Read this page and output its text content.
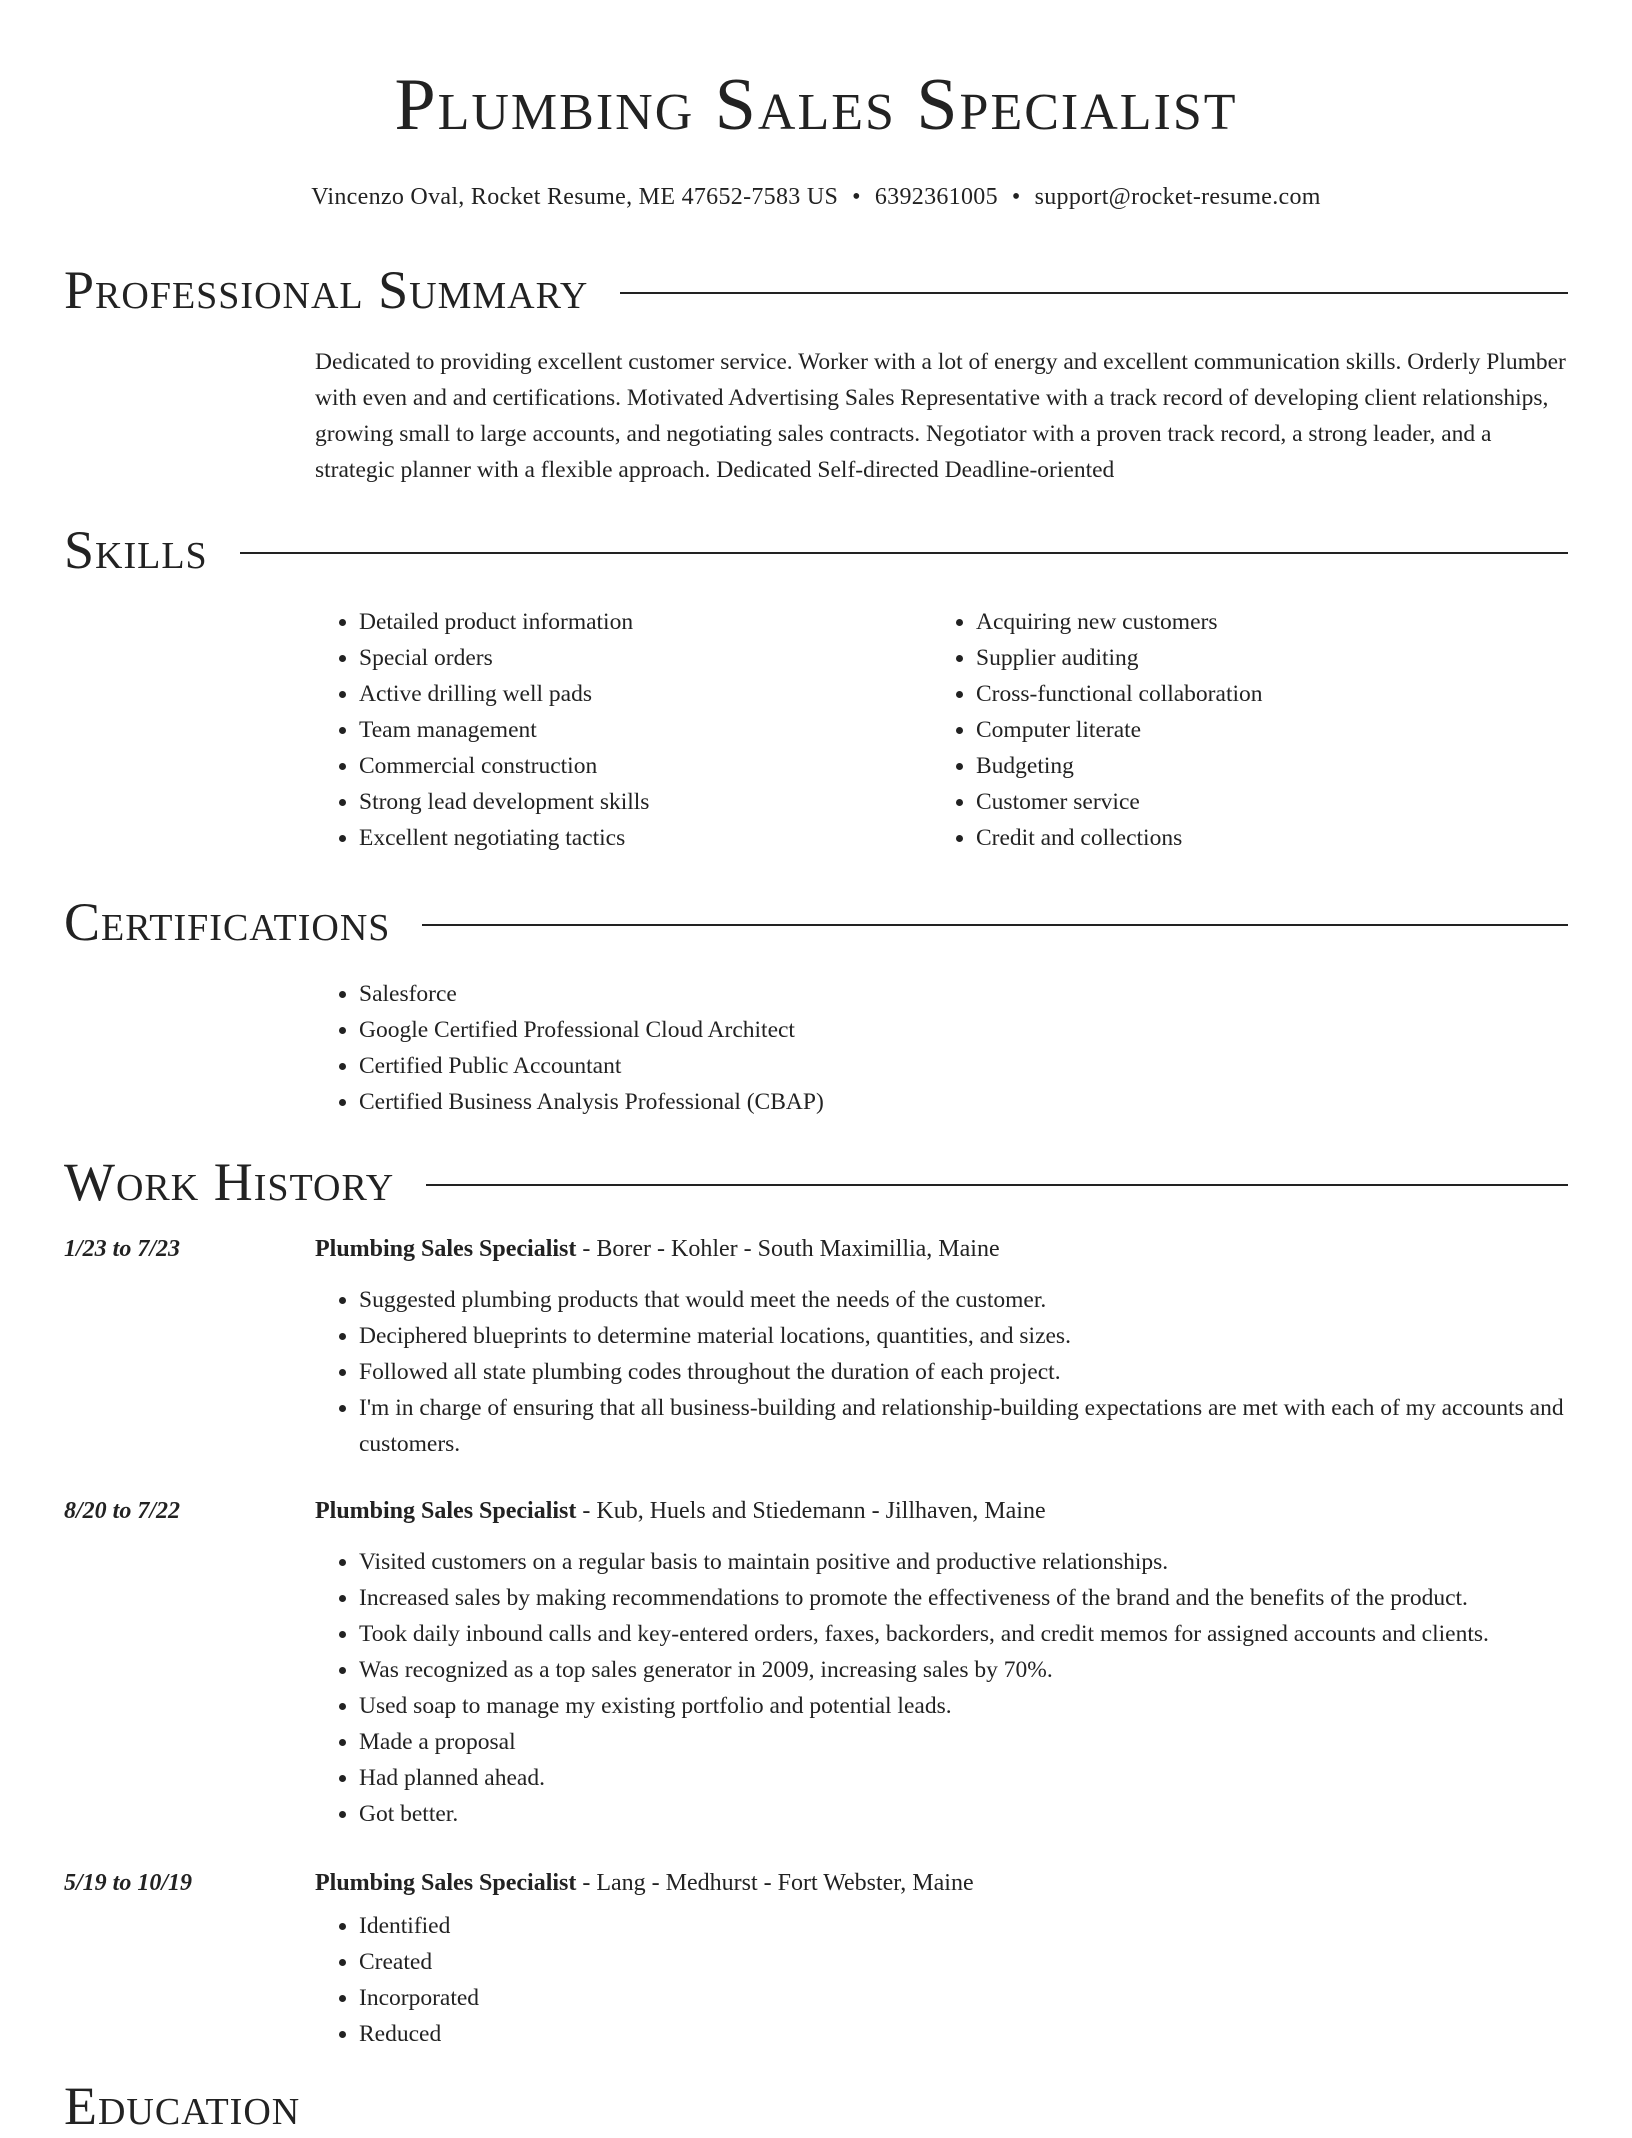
Plumbing Sales Specialist
Vincenzo Oval, Rocket Resume, ME 47652-7583 US • 6392361005 • support@rocket-resume.com
Professional Summary

Dedicated to providing excellent customer service. Worker with a lot of energy and excellent communication skills. Orderly Plumber with even and and certifications. Motivated Advertising Sales Representative with a track record of developing client relationships, growing small to large accounts, and negotiating sales contracts. Negotiator with a proven track record, a strong leader, and a strategic planner with a flexible approach. Dedicated Self-directed Deadline-oriented

Skills
• Detailed product information
• Special orders
• Active drilling well pads
• Team management
• Commercial construction
• Strong lead development skills
• Excellent negotiating tactics
• Acquiring new customers
• Supplier auditing
• Cross-functional collaboration
• Computer literate
• Budgeting
• Customer service
• Credit and collections
Certifications
• Salesforce
• Google Certified Professional Cloud Architect
• Certified Public Accountant
• Certified Business Analysis Professional (CBAP)
Work History
1/23 to 7/23	Plumbing Sales Specialist - Borer - Kohler - South Maximillia, Maine
• Suggested plumbing products that would meet the needs of the customer.
• Deciphered blueprints to determine material locations, quantities, and sizes.
• Followed all state plumbing codes throughout the duration of each project.
• I'm in charge of ensuring that all business-building and relationship-building expectations are met with each of my accounts and customers.
8/20 to 7/22	Plumbing Sales Specialist - Kub, Huels and Stiedemann - Jillhaven, Maine
• Visited customers on a regular basis to maintain positive and productive relationships.
• Increased sales by making recommendations to promote the effectiveness of the brand and the benefits of the product.
• Took daily inbound calls and key-entered orders, faxes, backorders, and credit memos for assigned accounts and clients.
• Was recognized as a top sales generator in 2009, increasing sales by 70%.
• Used soap to manage my existing portfolio and potential leads.
• Made a proposal
• Had planned ahead.
• Got better.
5/19 to 10/19	Plumbing Sales Specialist - Lang - Medhurst - Fort Webster, Maine
• Identified
• Created
• Incorporated
• Reduced
Education
